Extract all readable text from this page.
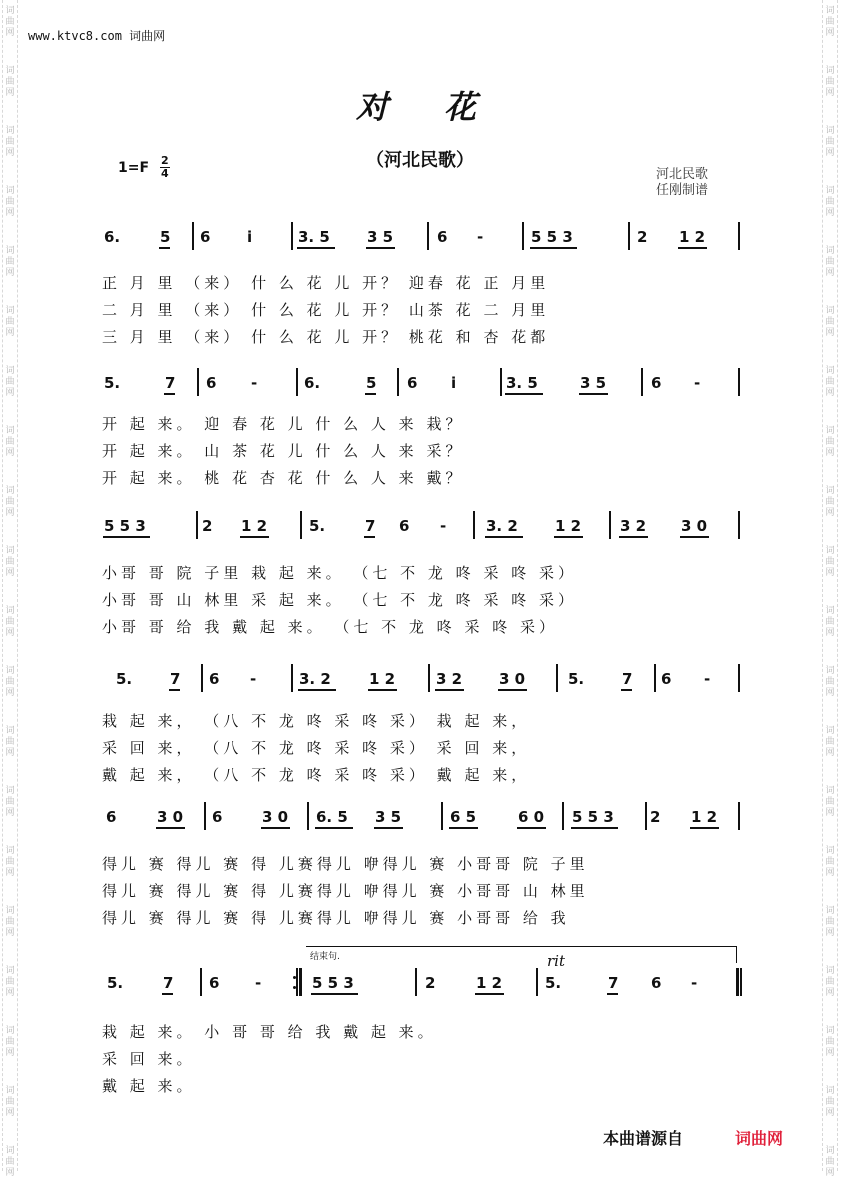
词
曲
网
词
曲
网
词
曲
网
词
曲
网
词
曲
网
词
曲
网
词
曲
网
词
曲
网
词
曲
网
词
曲
网
词
曲
网
词
曲
网
词
曲
网
词
曲
网
词
曲
网
词
曲
网
词
曲
网
词
曲
网
词
曲
网
词
曲
网
词
曲
网
词
曲
网
词
曲
网
词
曲
网
词
曲
网
词
曲
网
词
曲
网
词
曲
网
词
曲
网
词
曲
网
词
曲
网
词
曲
网
词
曲
网
词
曲
网
词
曲
网
词
曲
网
词
曲
网
词
曲
网
词
曲
网
词
曲
网
www.ktvc8.com 词曲网
对花
（河北民歌）
1=F 2
4	河北民歌
任刚制谱
6.	5 6 i	3. 5 3 5	6 -	5 5 3	2 1 2
正 月 里 （来） 什 么 花 儿 开？ 迎春 花 正 月里
二 月 里 （来） 什 么 花 儿 开？ 山茶 花 二 月里
三 月 里 （来） 什 么 花 儿 开？ 桃花 和 杏 花都
5.	7 6 -	6.	5 6 i	3. 5	3 5	6 -
开 起 来。 迎 春 花 儿 什 么 人 来 栽？
开 起 来。 山 茶 花 儿 什 么 人 来 采？
开 起 来。 桃 花 杏 花 什 么 人 来 戴？
5 5 3	2 1 2	5.	7 6 -	3. 2 1 2	3 2 3 0
小哥 哥 院 子里 栽 起 来。 （七 不 龙 咚 采 咚 采）
小哥 哥 山 林里 采 起 来。 （七 不 龙 咚 采 咚 采）
小哥 哥 给 我 戴 起 来。 （七 不 龙 咚 采 咚 采）
5.	7 6 -	3. 2	1 2	3 2 3 0	5.	7 6 -
栽 起 来， （八 不 龙 咚 采 咚 采） 栽 起 来，
采 回 来， （八 不 龙 咚 采 咚 采） 采 回 来，
戴 起 来， （八 不 龙 咚 采 咚 采） 戴 起 来，
6	3 0 6	3 0 6. 5 3 5	6 5	6 0 5 5 3 2 1 2
得儿 赛 得儿 赛 得 儿赛得儿 咿得儿 赛 小哥哥 院 子里
得儿 赛 得儿 赛 得 儿赛得儿 咿得儿 赛 小哥哥 山 林里
得儿 赛 得儿 赛 得 儿赛得儿 咿得儿 赛 小哥哥 给 我
5.	7 6 -	5 5 3	2	1 2	5.	7 6 -
栽 起 来。 小 哥 哥 给 我 戴 起 来。
采 回 来。
戴 起 来。
结束句.	rit
本曲谱源自	词曲网
